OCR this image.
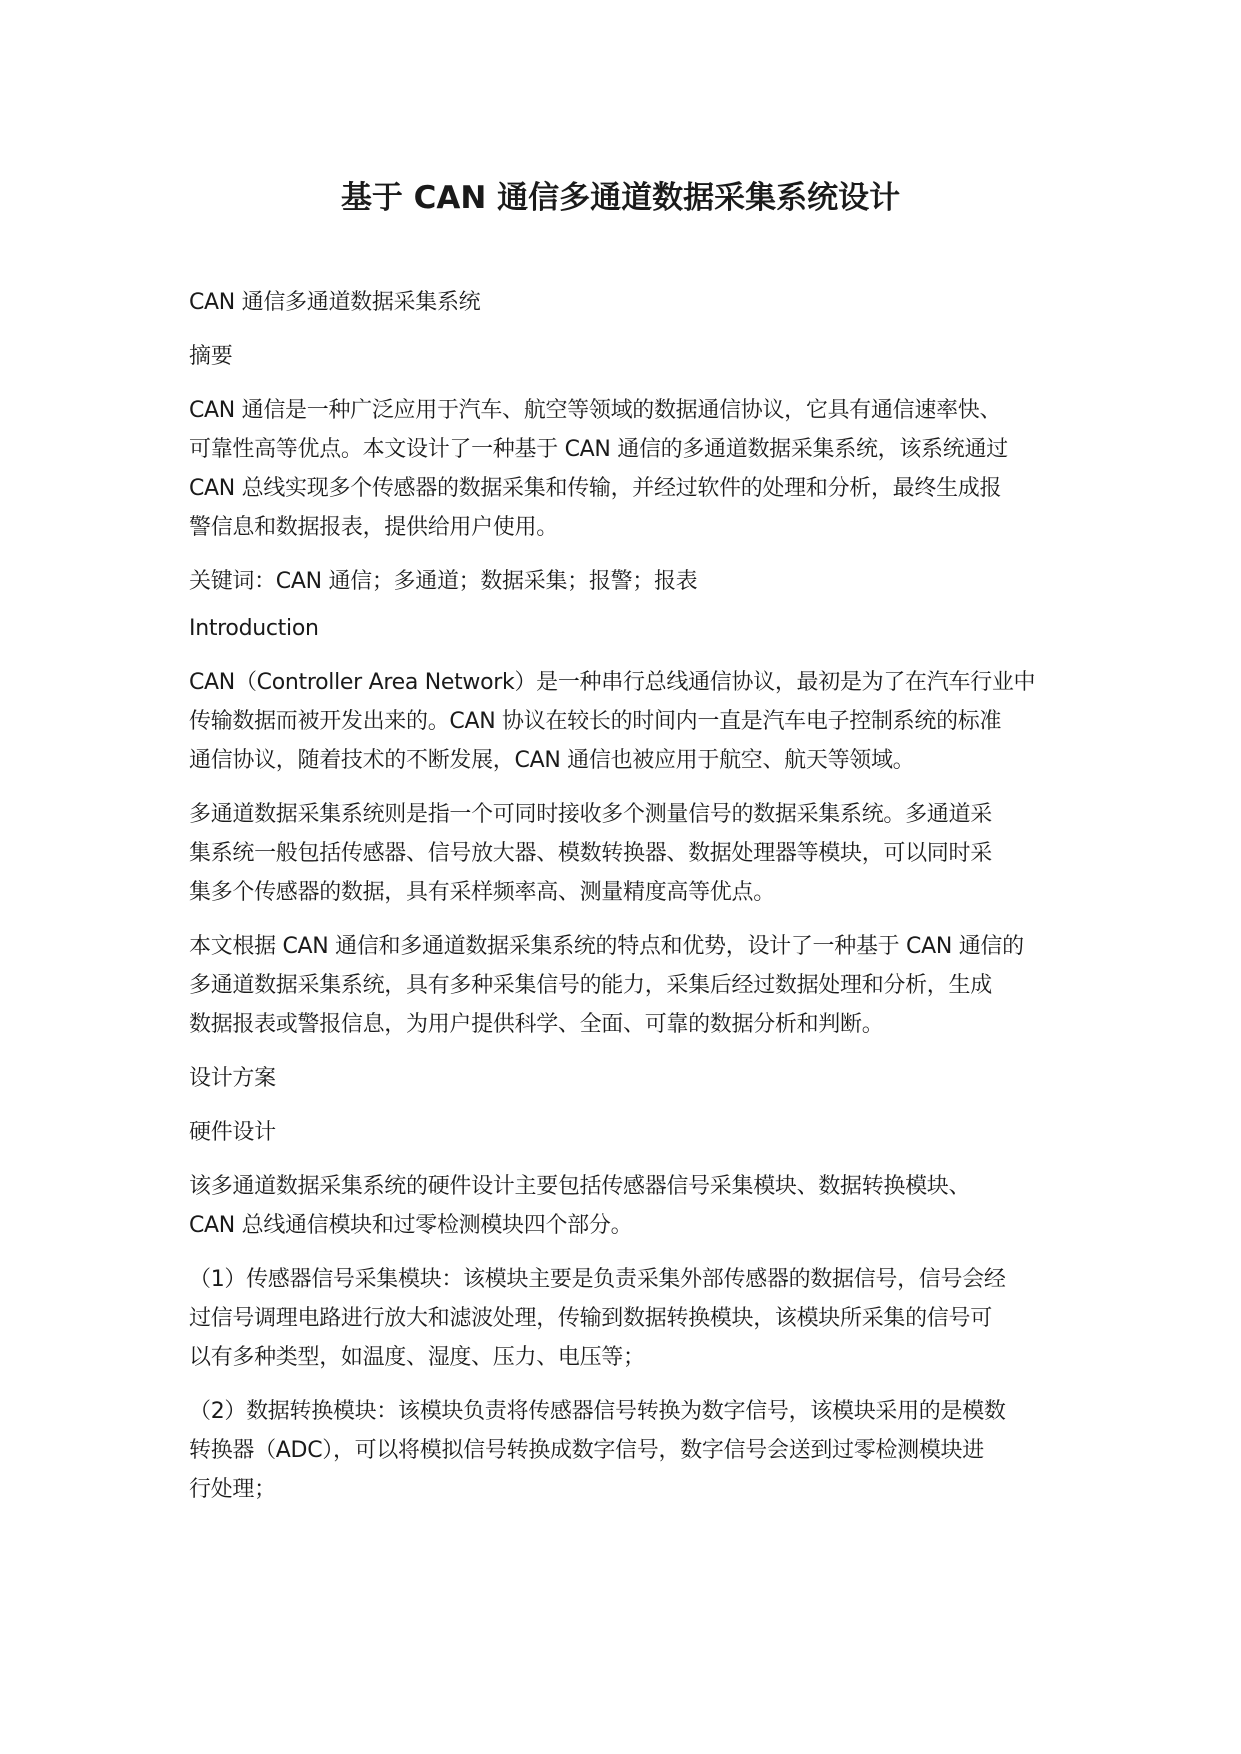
基于 CAN 通信多通道数据采集系统设计

CAN 通信多通道数据采集系统

摘要

CAN 通信是一种广泛应用于汽车、航空等领域的数据通信协议，它具有通信速率快、
可靠性高等优点。本文设计了一种基于 CAN 通信的多通道数据采集系统，该系统通过
CAN 总线实现多个传感器的数据采集和传输，并经过软件的处理和分析，最终生成报
警信息和数据报表，提供给用户使用。

关键词：CAN 通信；多通道；数据采集；报警；报表

Introduction

CAN（Controller Area Network）是一种串行总线通信协议，最初是为了在汽车行业中
传输数据而被开发出来的。CAN 协议在较长的时间内一直是汽车电子控制系统的标准
通信协议，随着技术的不断发展，CAN 通信也被应用于航空、航天等领域。

多通道数据采集系统则是指一个可同时接收多个测量信号的数据采集系统。多通道采
集系统一般包括传感器、信号放大器、模数转换器、数据处理器等模块，可以同时采
集多个传感器的数据，具有采样频率高、测量精度高等优点。

本文根据 CAN 通信和多通道数据采集系统的特点和优势，设计了一种基于 CAN 通信的
多通道数据采集系统，具有多种采集信号的能力，采集后经过数据处理和分析，生成
数据报表或警报信息，为用户提供科学、全面、可靠的数据分析和判断。

设计方案

硬件设计

该多通道数据采集系统的硬件设计主要包括传感器信号采集模块、数据转换模块、
CAN 总线通信模块和过零检测模块四个部分。

（1）传感器信号采集模块：该模块主要是负责采集外部传感器的数据信号，信号会经
过信号调理电路进行放大和滤波处理，传输到数据转换模块，该模块所采集的信号可
以有多种类型，如温度、湿度、压力、电压等；

（2）数据转换模块：该模块负责将传感器信号转换为数字信号，该模块采用的是模数
转换器（ADC），可以将模拟信号转换成数字信号，数字信号会送到过零检测模块进
行处理；
